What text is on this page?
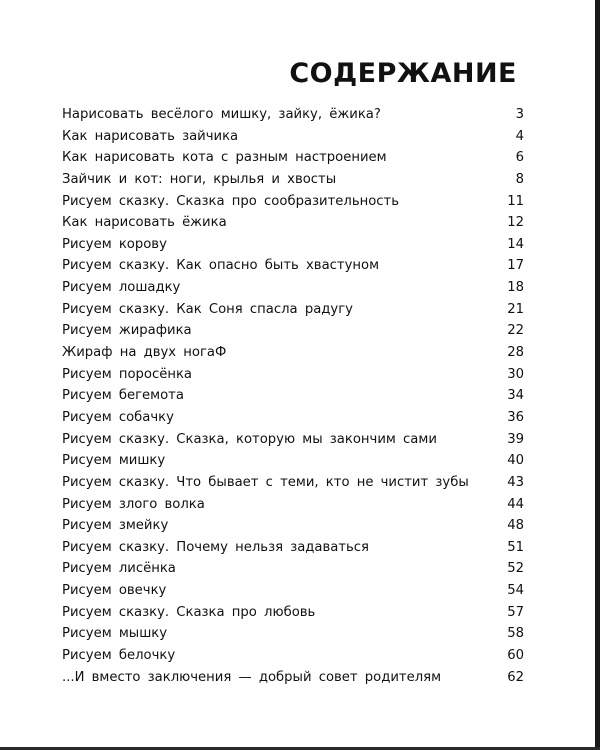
СОДЕРЖАНИЕ
Нарисовать весёлого мишку, зайку, ёжика?	3
Как нарисовать зайчика	4
Как нарисовать кота с разным настроением	6
Зайчик и кот: ноги, крылья и хвосты	8
Рисуем сказку. Сказка про сообразительность	11
Как нарисовать ёжика	12
Рисуем корову	14
Рисуем сказку. Как опасно быть хвастуном	17
Рисуем лошадку	18
Рисуем сказку. Как Соня спасла радугу	21
Рисуем жирафика	22
Жираф на двух ногаФ	28
Рисуем поросёнка	30
Рисуем бегемота	34
Рисуем собачку	36
Рисуем сказку. Сказка, которую мы закончим сами	39
Рисуем мишку	40
Рисуем сказку. Что бывает с теми, кто не чистит зубы	43
Рисуем злого волка	44
Рисуем змейку	48
Рисуем сказку. Почему нельзя задаваться	51
Рисуем лисёнка	52
Рисуем овечку	54
Рисуем сказку. Сказка про любовь	57
Рисуем мышку	58
Рисуем белочку	60
...И вместо заключения — добрый совет родителям	62
